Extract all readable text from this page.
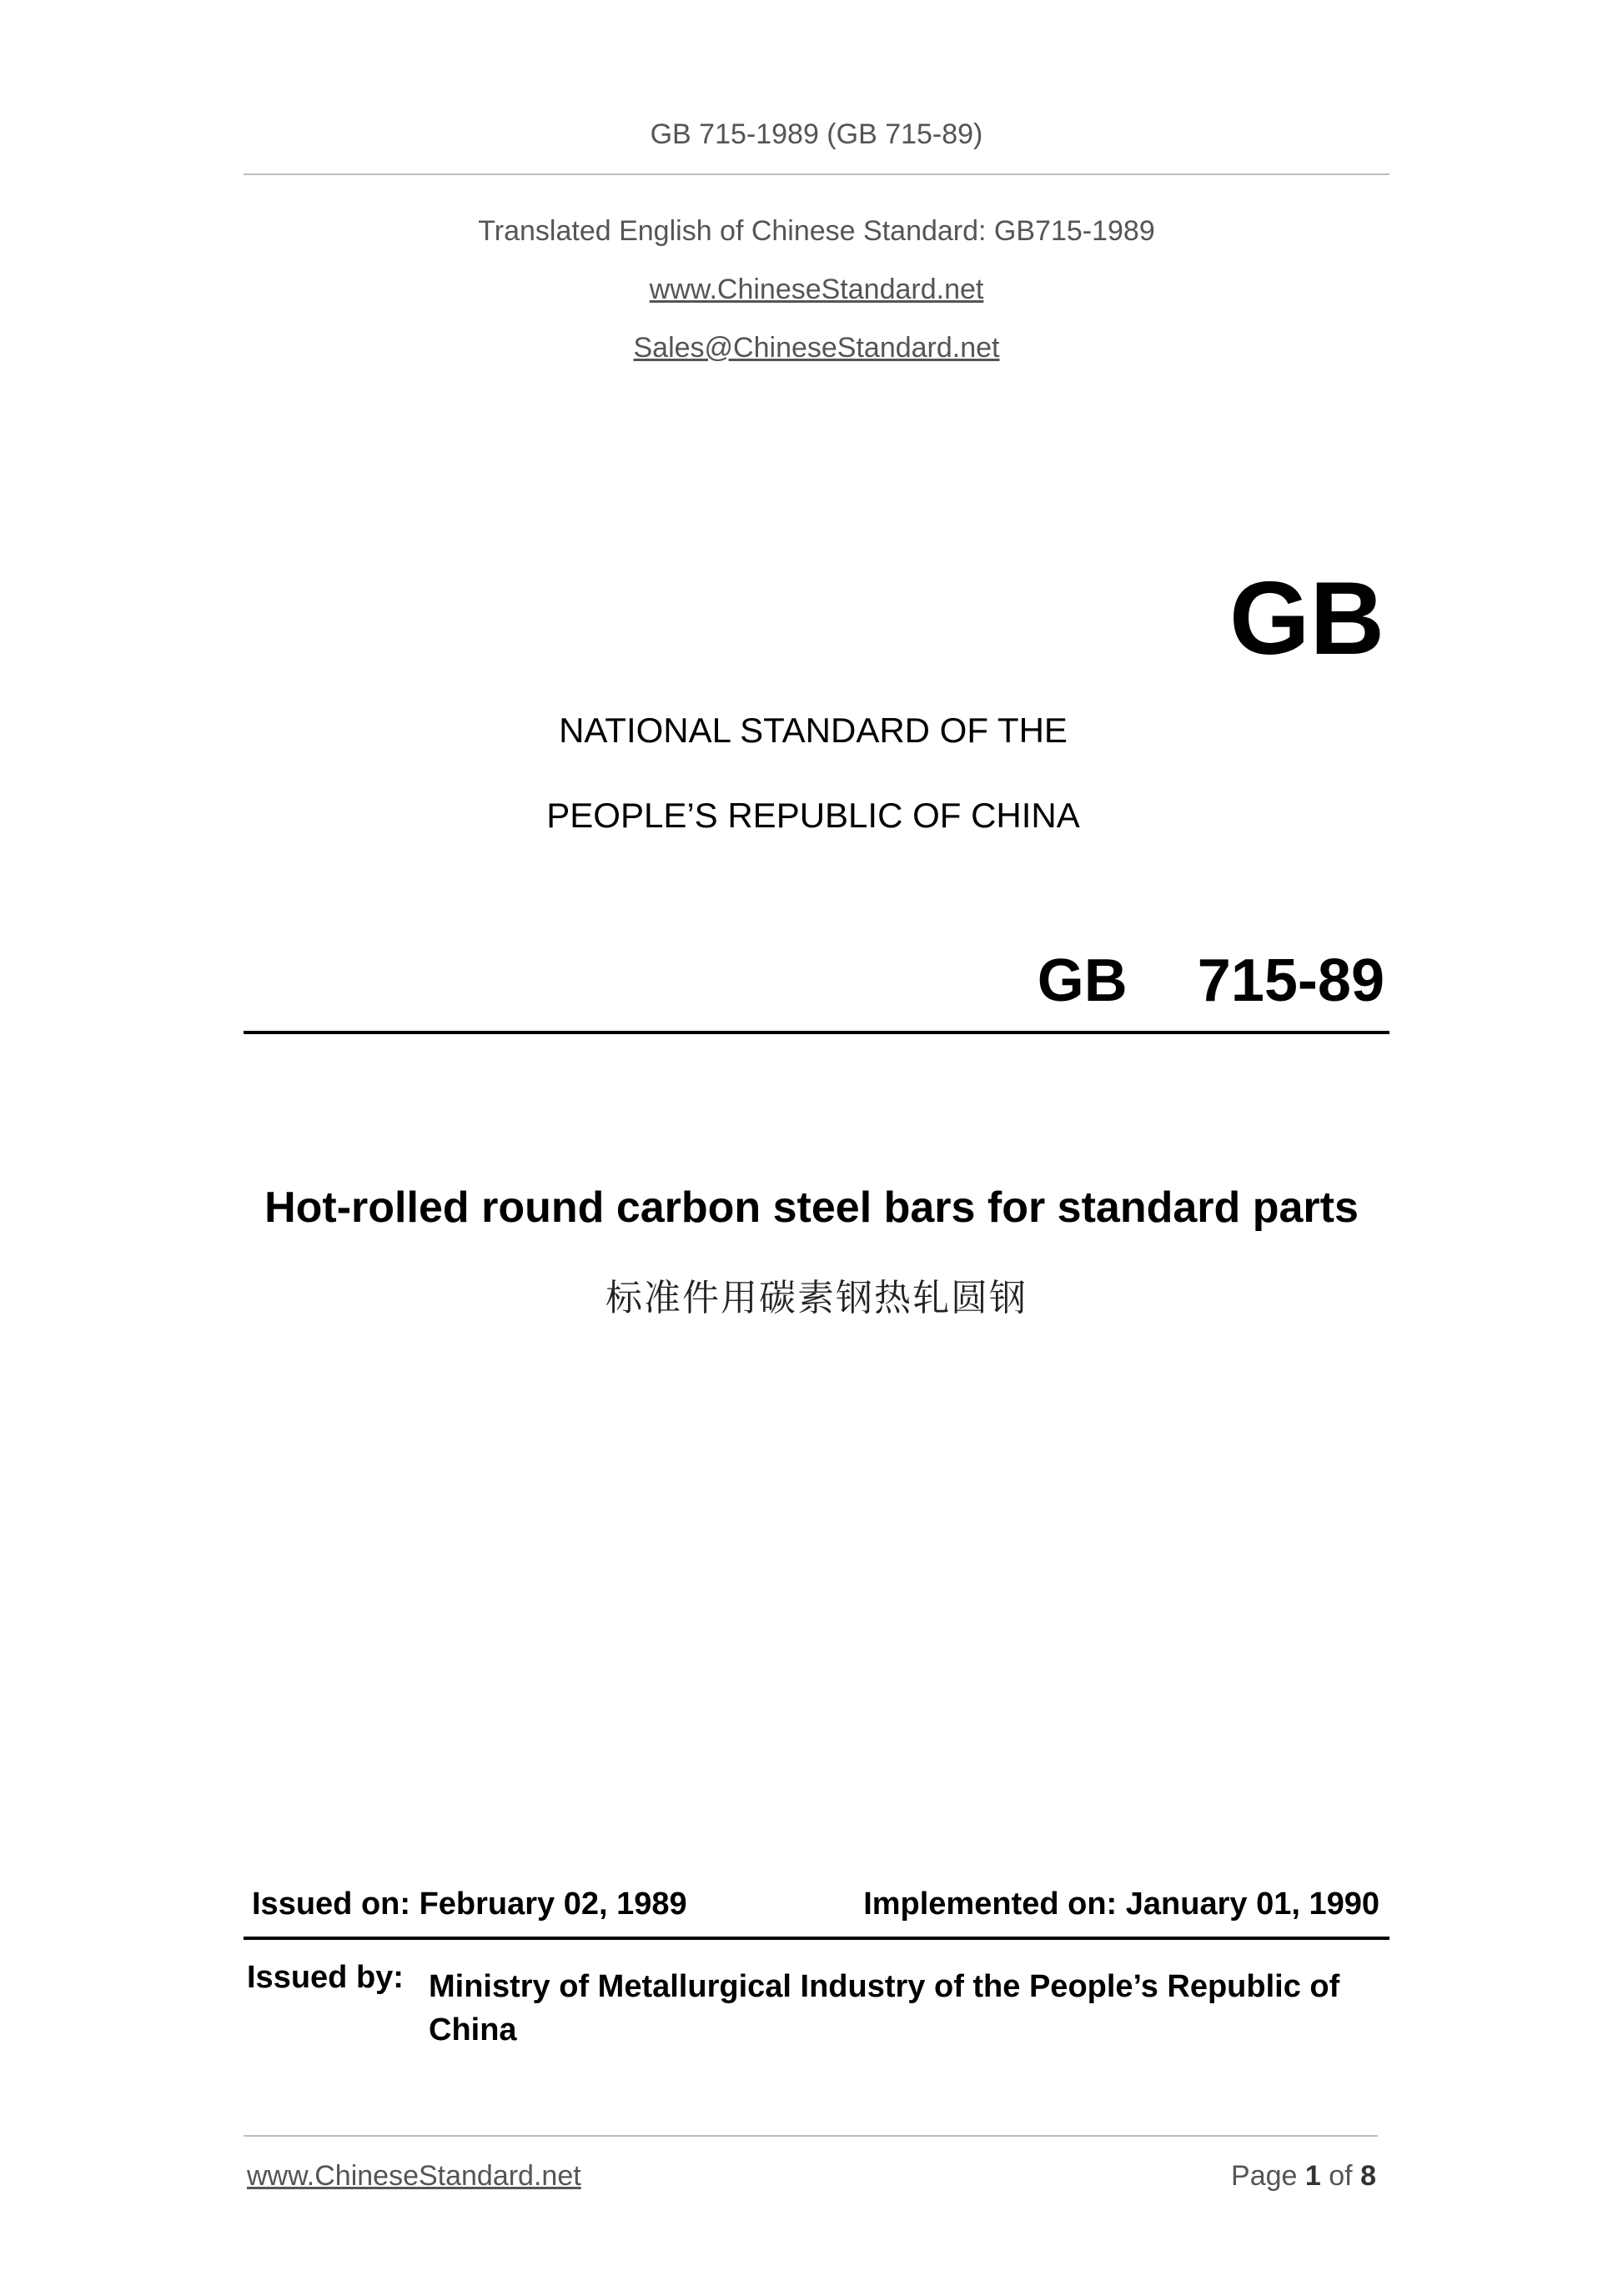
GB 715-1989 (GB 715-89)
Translated English of Chinese Standard: GB715-1989
www.ChineseStandard.net
Sales@ChineseStandard.net
GB
NATIONAL STANDARD OF THE
PEOPLE’S REPUBLIC OF CHINA
GB  715-89
Hot-rolled round carbon steel bars for standard parts
标准件用碳素钢热轧圆钢
Issued on: February 02, 1989	Implemented on: January 01, 1990
Issued by: Ministry of Metallurgical Industry of the People’s Republic of China
www.ChineseStandard.net	Page 1 of 8
